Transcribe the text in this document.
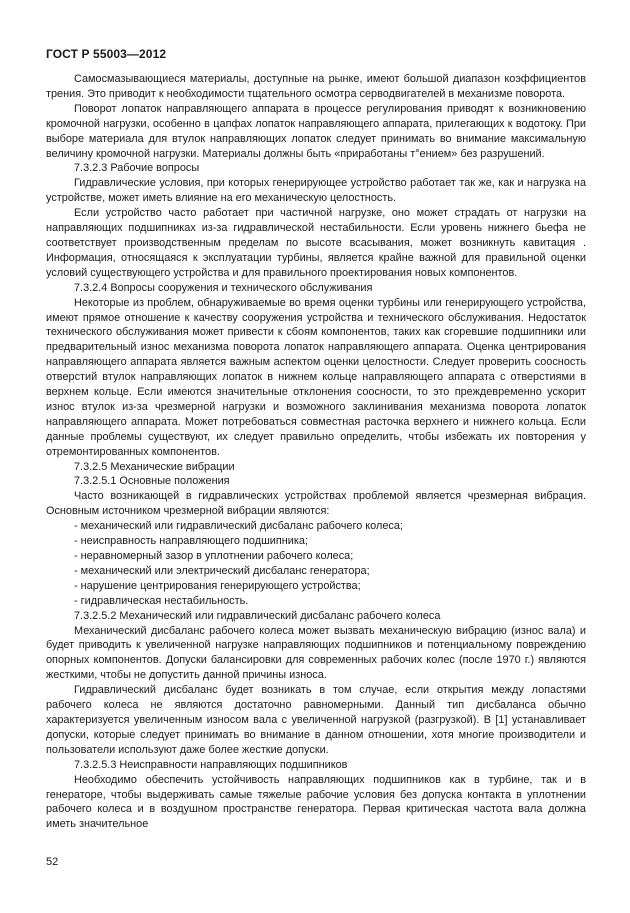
ГОСТ Р 55003—2012

Самосмазывающиеся материалы, доступные на рынке, имеют большой диапазон коэффициентов трения. Это приводит к необходимости тщательного осмотра серводвигателей в механизме поворота.

Поворот лопаток направляющего аппарата в процессе регулирования приводят к возникновению кромочной нагрузки, особенно в цапфах лопаток направляющего аппарата, прилегающих к водотоку. При выборе материала для втулок направляющих лопаток следует принимать во внимание максимальную величину кромочной нагрузки. Материалы должны быть «приработаны т°ением» без разрушений.

7.3.2.3 Рабочие вопросы

Гидравлические условия, при которых генерирующее устройство работает так же, как и нагрузка на устройстве, может иметь влияние на его механическую целостность.

Если устройство часто работает при частичной нагрузке, оно может страдать от нагрузки на направляющих подшипниках из-за гидравлической нестабильности. Если уровень нижнего бьефа не соответствует производственным пределам по высоте всасывания, может возникнуть кавитация . Информация, относящаяся к эксплуатации турбины, является крайне важной для правильной оценки условий существующего устройства и для правильного проектирования новых компонентов.

7.3.2.4 Вопросы сооружения и технического обслуживания

Некоторые из проблем, обнаруживаемые во время оценки турбины или генерирующего устройства, имеют прямое отношение к качеству сооружения устройства и технического обслуживания. Недостаток технического обслуживания может привести к сбоям компонентов, таких как сгоревшие подшипники или предварительный износ механизма поворота лопаток направляющего аппарата. Оценка центрирования направляющего аппарата является важным аспектом оценки целостности. Следует проверить соосность отверстий втулок направляющих лопаток в нижнем кольце направляющего аппарата с отверстиями в верхнем кольце. Если имеются значительные отклонения соосности, то это преждевременно ускорит износ втулок из-за чрезмерной нагрузки и возможного заклинивания механизма поворота лопаток направляющего аппарата. Может потребоваться совместная расточка верхнего и нижнего кольца. Если данные проблемы существуют, их следует правильно определить, чтобы избежать их повторения у отремонтированных компонентов.

7.3.2.5 Механические вибрации

7.3.2.5.1 Основные положения

Часто возникающей в гидравлических устройствах проблемой является чрезмерная вибрация. Основным источником чрезмерной вибрации являются:

- механический или гидравлический дисбаланс рабочего колеса;

- неисправность направляющего подшипника;

- неравномерный зазор в уплотнении рабочего колеса;

- механический или электрический дисбаланс генератора;

- нарушение центрирования генерирующего устройства;

- гидравлическая нестабильность.

7.3.2.5.2 Механический или гидравлический дисбаланс рабочего колеса

Механический дисбаланс рабочего колеса может вызвать механическую вибрацию (износ вала) и будет приводить к увеличенной нагрузке направляющих подшипников и потенциальному повреждению опорных компонентов. Допуски балансировки для современных рабочих колес (после 1970 г.) являются жесткими, чтобы не допустить данной причины износа.

Гидравлический дисбаланс будет возникать в том случае, если открытия между лопастями рабочего колеса не являются достаточно равномерными. Данный тип дисбаланса обычно характеризуется увеличенным износом вала с увеличенной нагрузкой (разгрузкой). В [1] устанавливает допуски, которые следует принимать во внимание в данном отношении, хотя многие производители и пользователи используют даже более жесткие допуски.

7.3.2.5.3 Неисправности направляющих подшипников

Необходимо обеспечить устойчивость направляющих подшипников как в турбине, так и в генераторе, чтобы выдерживать самые тяжелые рабочие условия без допуска контакта в уплотнении рабочего колеса и в воздушном пространстве генератора. Первая критическая частота вала должна иметь значительное

52
